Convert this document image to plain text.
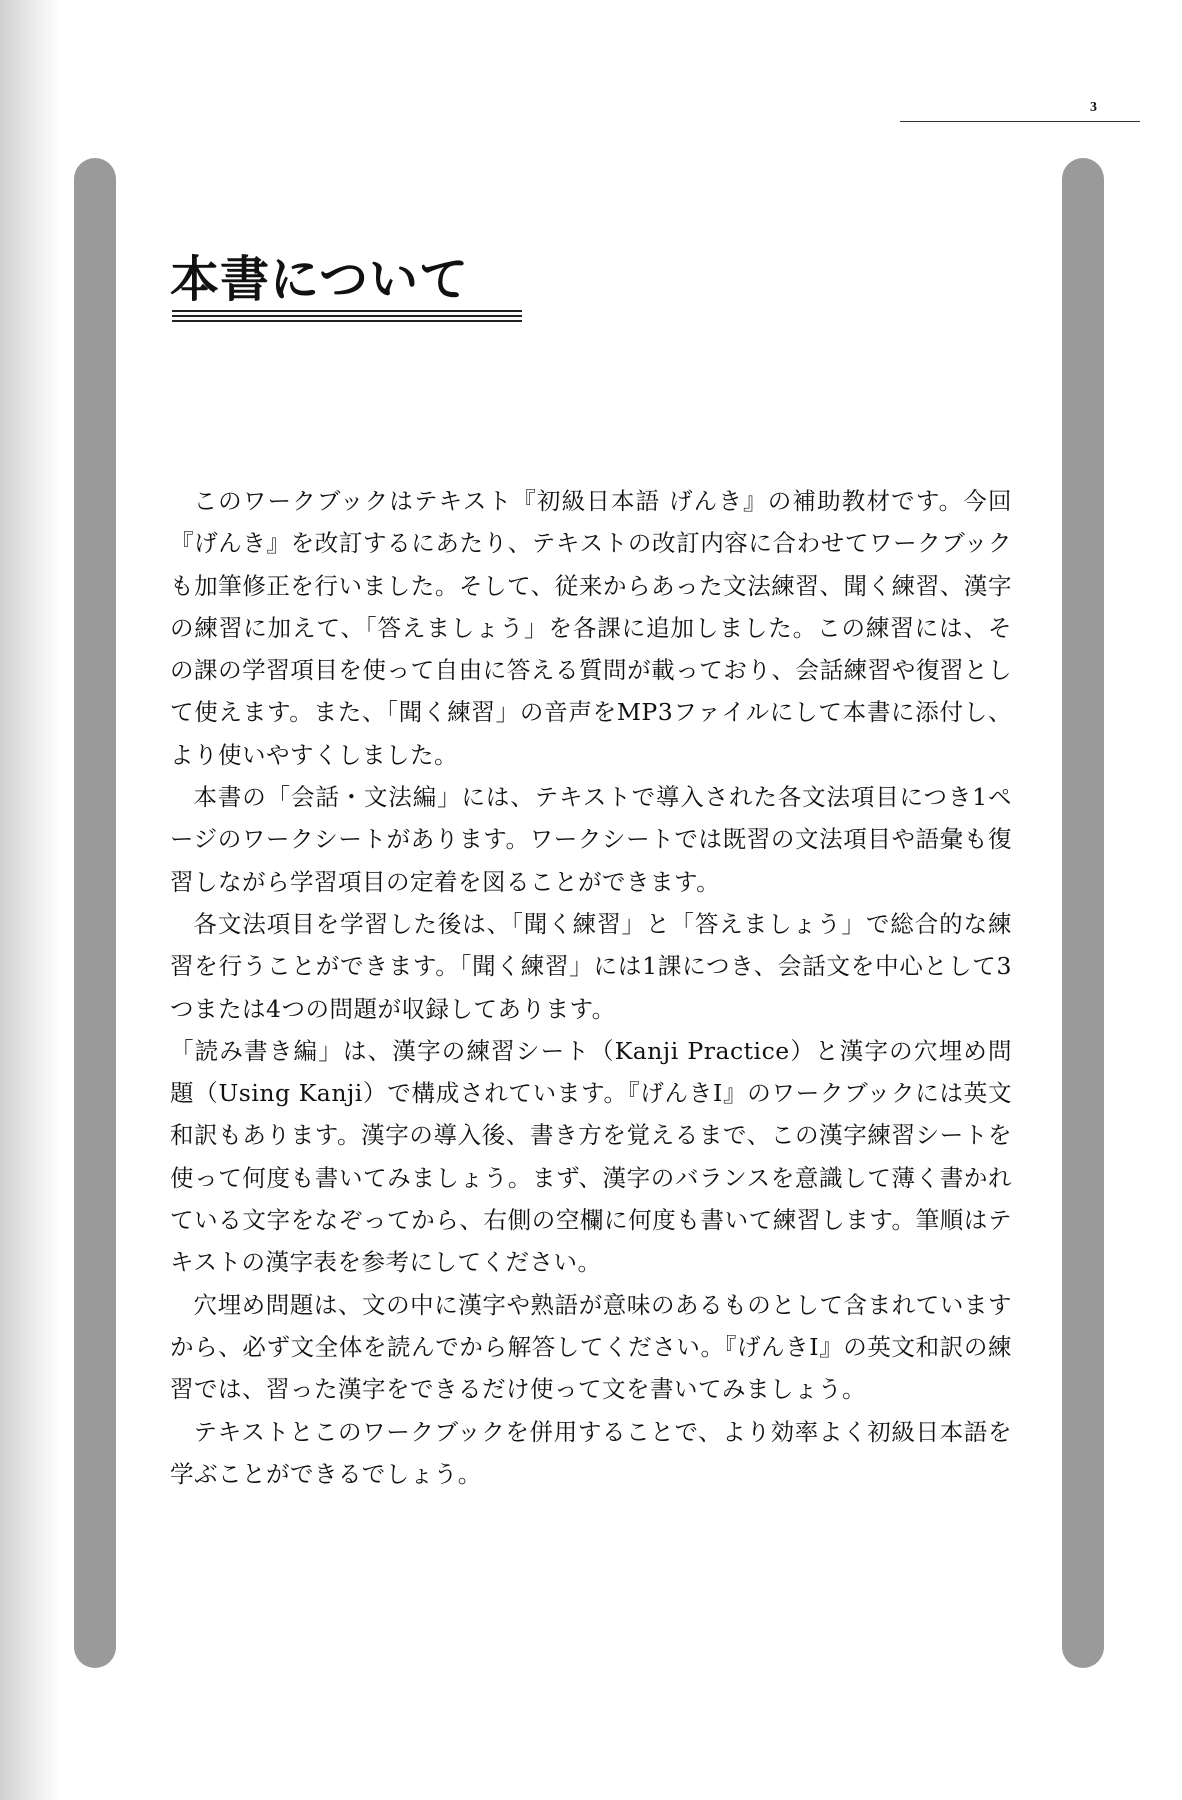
3
本書について

このワークブックはテキスト『初級日本語 げんき』の補助教材です。今回『げんき』を改訂するにあたり、テキストの改訂内容に合わせてワークブックも加筆修正を行いました。そして、従来からあった文法練習、聞く練習、漢字の練習に加えて、「答えましょう」を各課に追加しました。この練習には、その課の学習項目を使って自由に答える質問が載っており、会話練習や復習として使えます。また、「聞く練習」の音声をMP3ファイルにして本書に添付し、より使いやすくしました。

本書の「会話・文法編」には、テキストで導入された各文法項目につき1ページのワークシートがあります。ワークシートでは既習の文法項目や語彙も復習しながら学習項目の定着を図ることができます。

各文法項目を学習した後は、「聞く練習」と「答えましょう」で総合的な練習を行うことができます。「聞く練習」には1課につき、会話文を中心として3つまたは4つの問題が収録してあります。

「読み書き編」は、漢字の練習シート（Kanji Practice）と漢字の穴埋め問題（Using Kanji）で構成されています。『げんきⅠ』のワークブックには英文和訳もあります。漢字の導入後、書き方を覚えるまで、この漢字練習シートを使って何度も書いてみましょう。まず、漢字のバランスを意識して薄く書かれている文字をなぞってから、右側の空欄に何度も書いて練習します。筆順はテキストの漢字表を参考にしてください。

穴埋め問題は、文の中に漢字や熟語が意味のあるものとして含まれていますから、必ず文全体を読んでから解答してください。『げんきⅠ』の英文和訳の練習では、習った漢字をできるだけ使って文を書いてみましょう。

テキストとこのワークブックを併用することで、より効率よく初級日本語を学ぶことができるでしょう。
